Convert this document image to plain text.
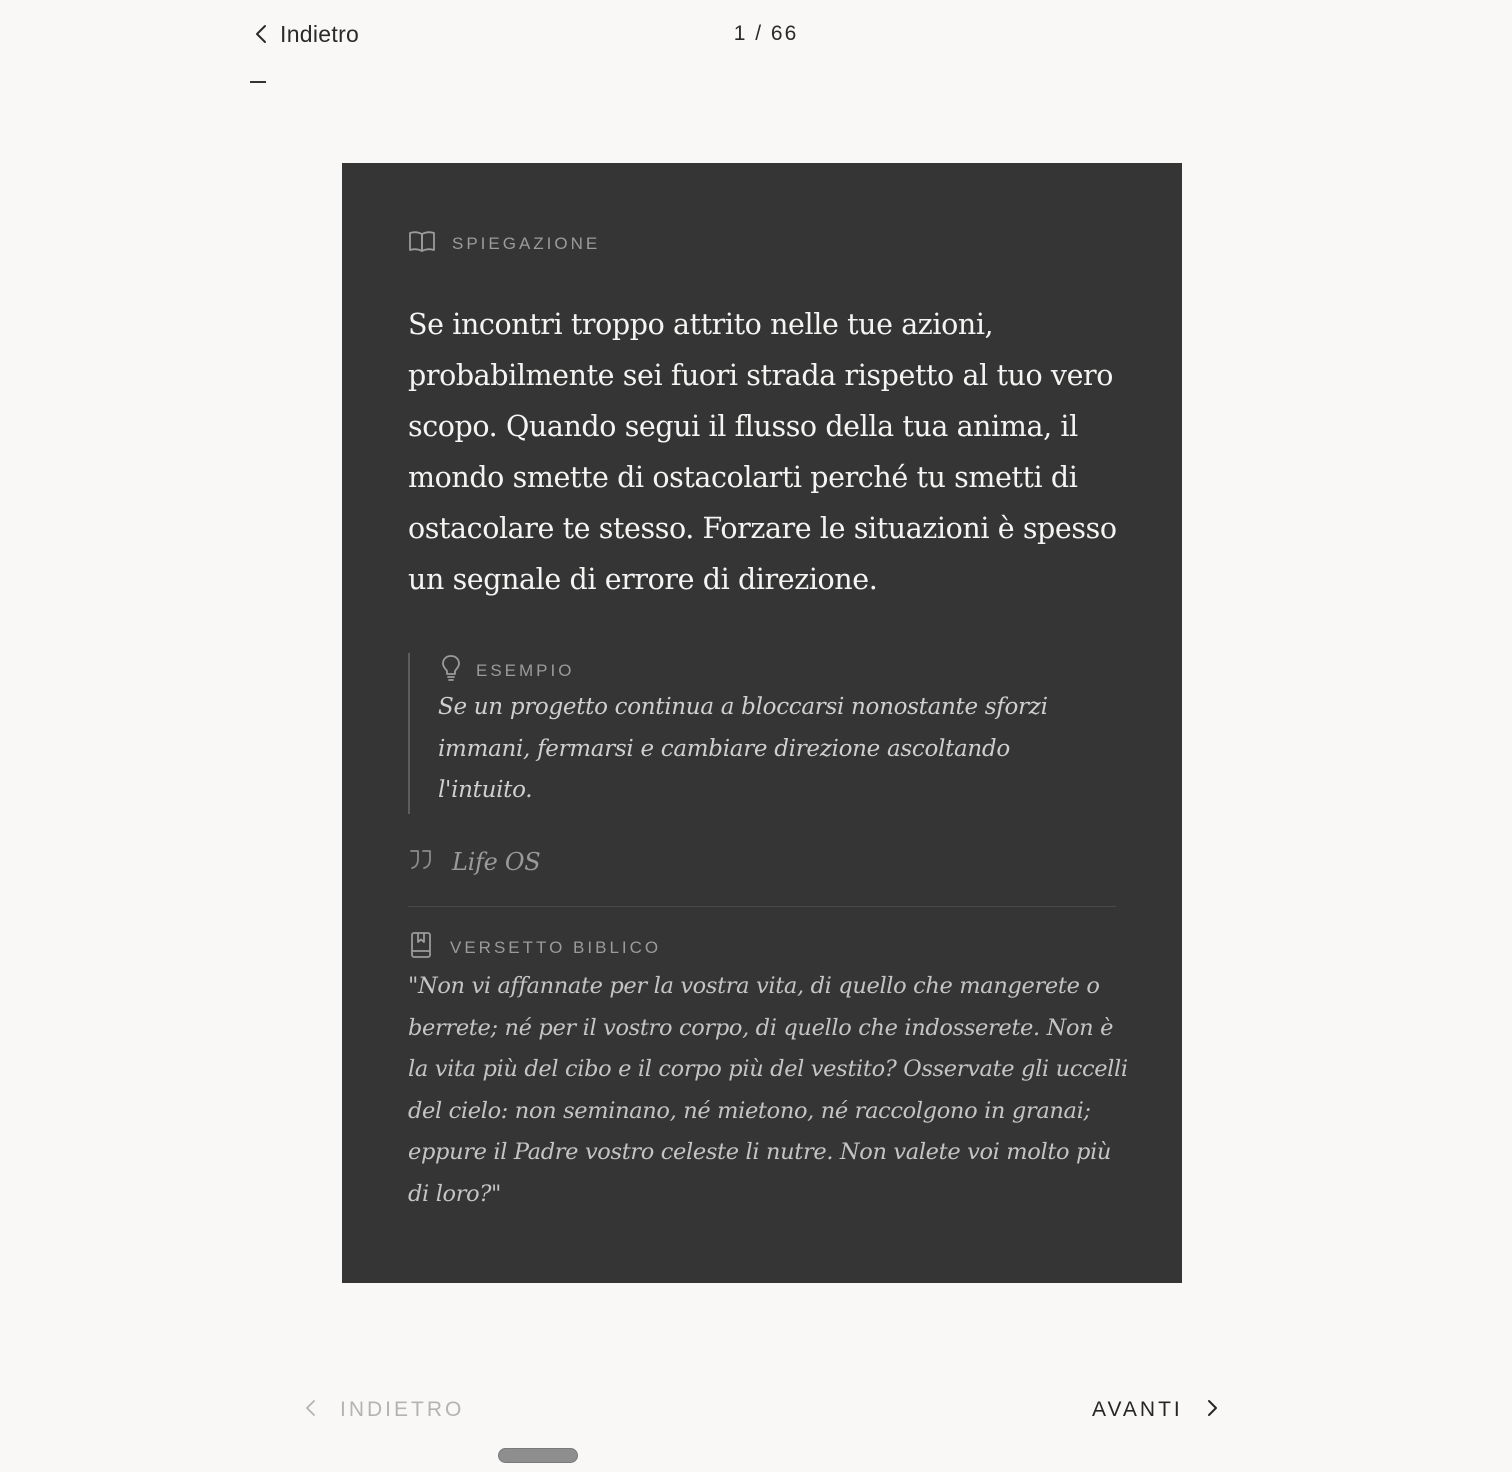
Indietro	1 / 66
SPIEGAZIONE

Se incontri troppo attrito nelle tue azioni, probabilmente sei fuori strada rispetto al tuo vero scopo. Quando segui il flusso della tua anima, il mondo smette di ostacolarti perché tu smetti di ostacolare te stesso. Forzare le situazioni è spesso un segnale di errore di direzione.

ESEMPIO

Se un progetto continua a bloccarsi nonostante sforzi immani, fermarsi e cambiare direzione ascoltando l'intuito.

Life OS
VERSETTO BIBLICO

"Non vi affannate per la vostra vita, di quello che mangerete o berrete; né per il vostro corpo, di quello che indosserete. Non è la vita più del cibo e il corpo più del vestito? Osservate gli uccelli del cielo: non seminano, né mietono, né raccolgono in granai; eppure il Padre vostro celeste li nutre. Non valete voi molto più di loro?"

INDIETRO	AVANTI
